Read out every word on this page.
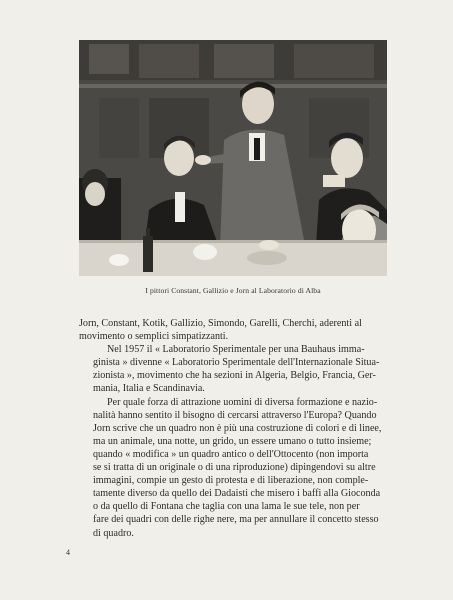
I pittori Constant, Gallizio e Jorn al Laboratorio di Alba

Jorn, Constant, Kotik, Gallizio, Simondo, Garelli, Cherchi, aderenti al
movimento o semplici simpatizzanti.

Nel 1957 il « Laboratorio Sperimentale per una Bauhaus imma-
ginista » divenne « Laboratorio Sperimentale dell'Internazionale Situa-
zionista », movimento che ha sezioni in Algeria, Belgio, Francia, Ger-
mania, Italia e Scandinavia.

Per quale forza di attrazione uomini di diversa formazione e nazio-
nalità hanno sentito il bisogno di cercarsi attraverso l'Europa? Quando
Jorn scrive che un quadro non è più una costruzione di colori e di linee,
ma un animale, una notte, un grido, un essere umano o tutto insieme;
quando « modifica » un quadro antico o dell'Ottocento (non importa
se si tratta di un originale o di una riproduzione) dipingendovi su altre
immagini, compie un gesto di protesta e di liberazione, non comple-
tamente diverso da quello dei Dadaisti che misero i baffi alla Gioconda
o da quello di Fontana che taglia con una lama le sue tele, non per
fare dei quadri con delle righe nere, ma per annullare il concetto stesso
di quadro.

4
